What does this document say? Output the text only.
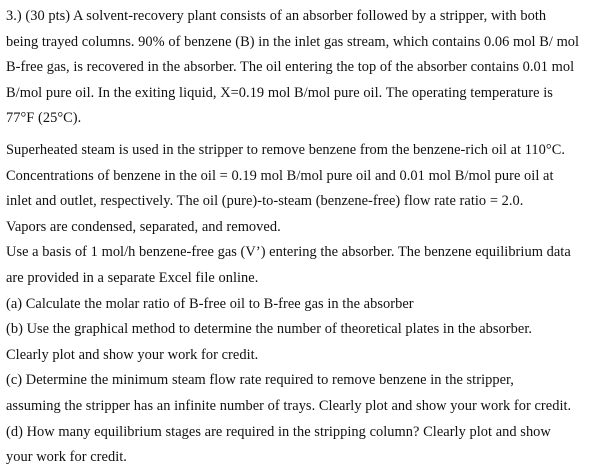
3.) (30 pts) A solvent-recovery plant consists of an absorber followed by a stripper, with both
being trayed columns. 90% of benzene (B) in the inlet gas stream, which contains 0.06 mol B/ mol
B-free gas, is recovered in the absorber. The oil entering the top of the absorber contains 0.01 mol
B/mol pure oil. In the exiting liquid, X=0.19 mol B/mol pure oil. The operating temperature is
77°F (25°C).
Superheated steam is used in the stripper to remove benzene from the benzene-rich oil at 110°C.
Concentrations of benzene in the oil = 0.19 mol B/mol pure oil and 0.01 mol B/mol pure oil at
inlet and outlet, respectively. The oil (pure)-to-steam (benzene-free) flow rate ratio = 2.0.
Vapors are condensed, separated, and removed.
Use a basis of 1 mol/h benzene-free gas (V’) entering the absorber. The benzene equilibrium data
are provided in a separate Excel file online.
(a) Calculate the molar ratio of B-free oil to B-free gas in the absorber
(b) Use the graphical method to determine the number of theoretical plates in the absorber.
Clearly plot and show your work for credit.
(c) Determine the minimum steam flow rate required to remove benzene in the stripper,
assuming the stripper has an infinite number of trays. Clearly plot and show your work for credit.
(d) How many equilibrium stages are required in the stripping column? Clearly plot and show
your work for credit.
